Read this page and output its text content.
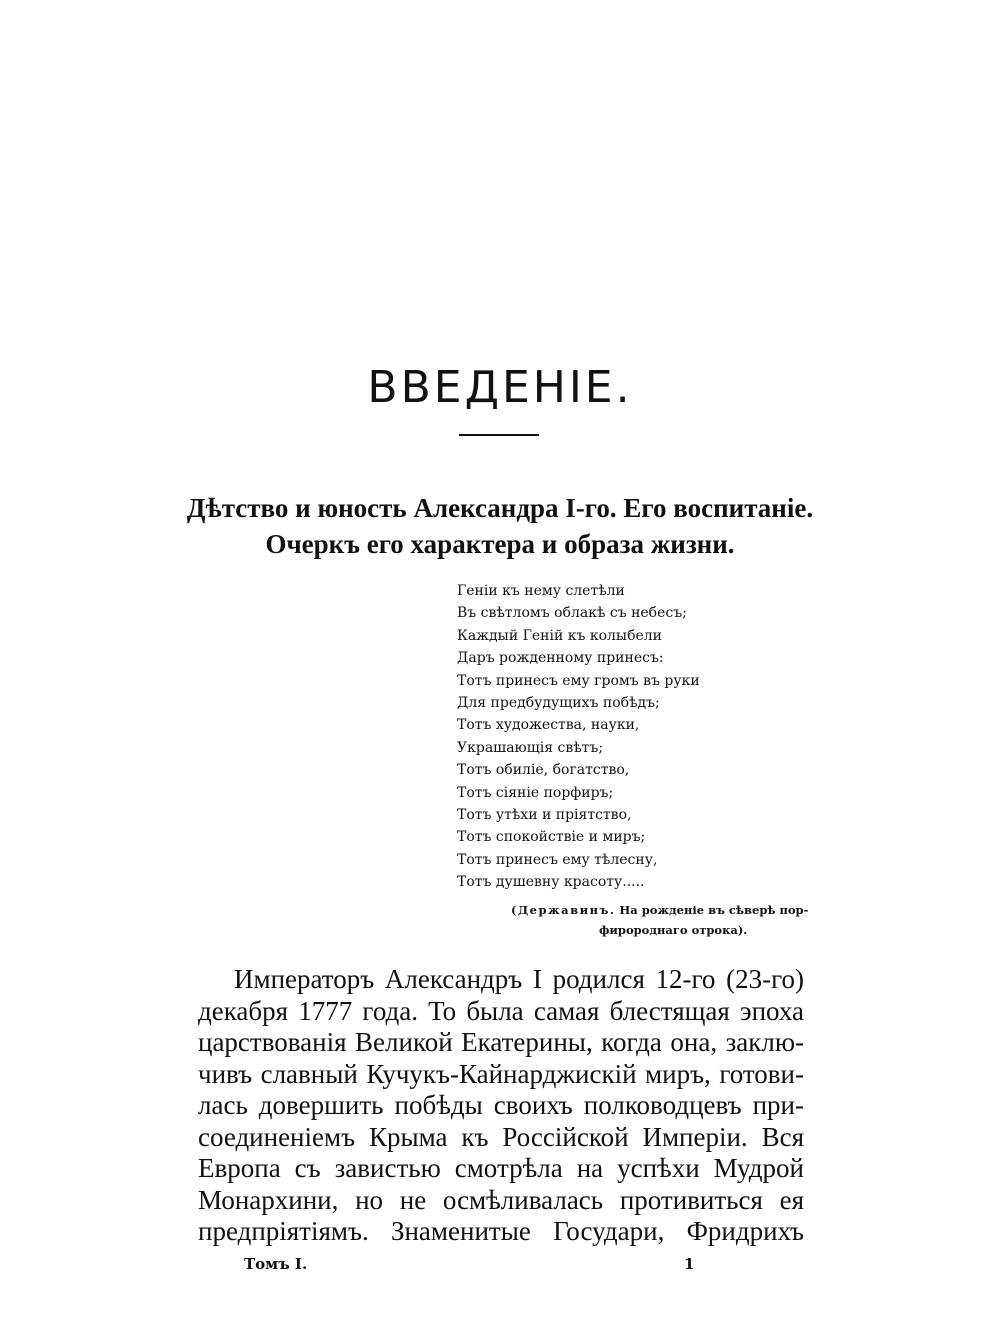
ВВЕДЕНІЕ.
Дѣтство и юность Александра I-го. Его воспитаніе.
Очеркъ его характера и образа жизни.
Геніи къ нему слетѣли
Въ свѣтломъ облакѣ съ небесъ;
Каждый Геній къ колыбели
Даръ рожденному принесъ:
Тотъ принесъ ему громъ въ руки
Для предбудущихъ побѣдъ;
Тотъ художества, науки,
Украшающія свѣтъ;
Тотъ обиліе, богатство,
Тотъ сіяніе порфиръ;
Тотъ утѣхи и пріятство,
Тотъ спокойствіе и миръ;
Тотъ принесъ ему тѣлесну,
Тотъ душевну красоту.....
(Державинъ. На рожденіе въ сѣверѣ пор-
фиророднаго отрока).

Императоръ Александръ I родился 12-го (23-го)
декабря 1777 года. То была самая блестящая эпоха
царствованія Великой Екатерины, когда она, заклю-
чивъ славный Кучукъ-Кайнарджискій миръ, готови-
лась довершить побѣды своихъ полководцевъ при-
соединеніемъ Крыма къ Россійской Имперіи. Вся
Европа съ завистью смотрѣла на успѣхи Мудрой
Монархини, но не осмѣливалась противиться ея
предпріятіямъ. Знаменитые Государи, Фридрихъ

Томъ I.	1
